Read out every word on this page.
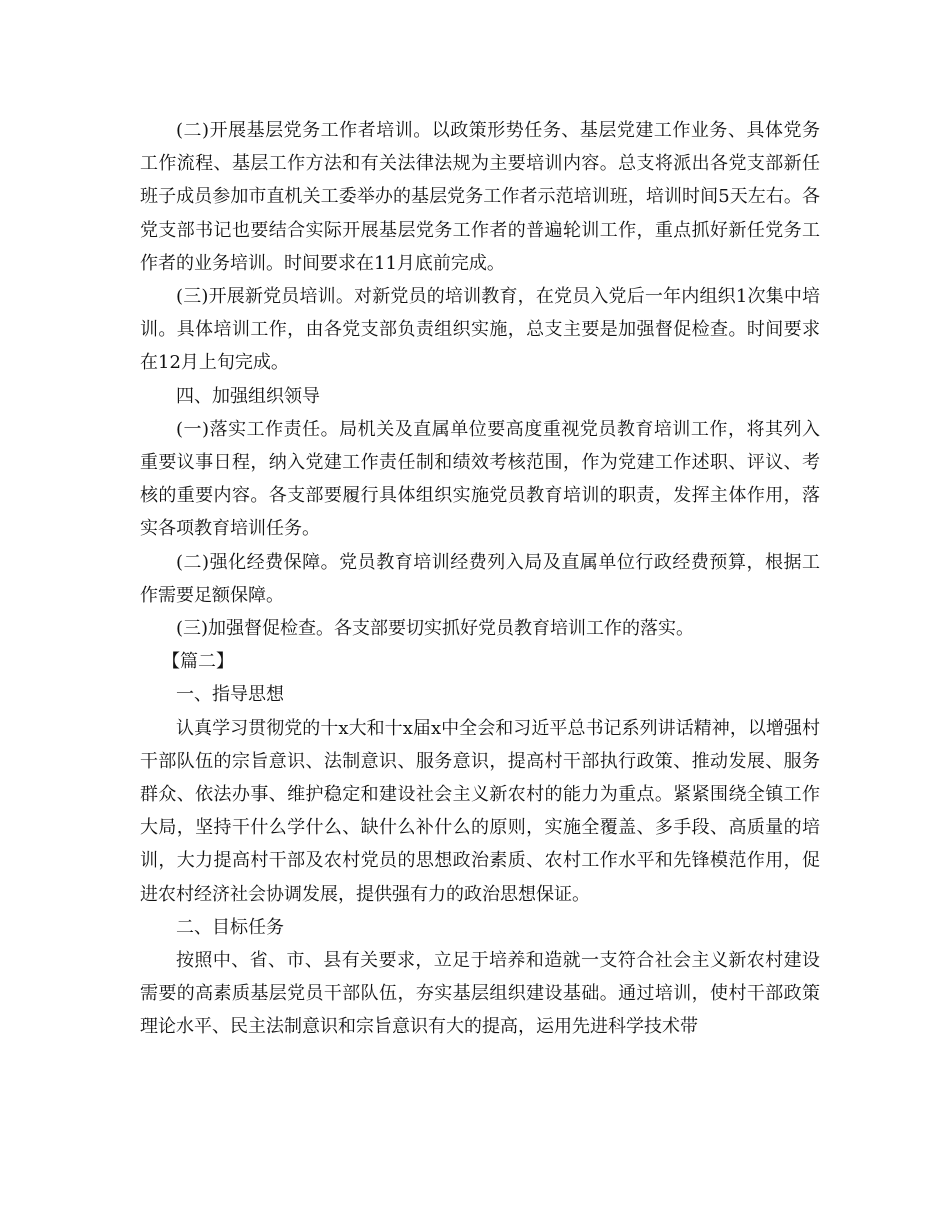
(二)开展基层党务工作者培训。以政策形势任务、基层党建工作业务、具体党务工作流程、基层工作方法和有关法律法规为主要培训内容。总支将派出各党支部新任班子成员参加市直机关工委举办的基层党务工作者示范培训班，培训时间5天左右。各党支部书记也要结合实际开展基层党务工作者的普遍轮训工作，重点抓好新任党务工作者的业务培训。时间要求在11月底前完成。

(三)开展新党员培训。对新党员的培训教育，在党员入党后一年内组织1次集中培训。具体培训工作，由各党支部负责组织实施，总支主要是加强督促检查。时间要求在12月上旬完成。

四、加强组织领导

(一)落实工作责任。局机关及直属单位要高度重视党员教育培训工作，将其列入重要议事日程，纳入党建工作责任制和绩效考核范围，作为党建工作述职、评议、考核的重要内容。各支部要履行具体组织实施党员教育培训的职责，发挥主体作用，落实各项教育培训任务。

(二)强化经费保障。党员教育培训经费列入局及直属单位行政经费预算，根据工作需要足额保障。

(三)加强督促检查。各支部要切实抓好党员教育培训工作的落实。

【篇二】

一、指导思想

认真学习贯彻党的十x大和十x届x中全会和习近平总书记系列讲话精神，以增强村干部队伍的宗旨意识、法制意识、服务意识，提高村干部执行政策、推动发展、服务群众、依法办事、维护稳定和建设社会主义新农村的能力为重点。紧紧围绕全镇工作大局，坚持干什么学什么、缺什么补什么的原则，实施全覆盖、多手段、高质量的培训，大力提高村干部及农村党员的思想政治素质、农村工作水平和先锋模范作用，促进农村经济社会协调发展，提供强有力的政治思想保证。

二、目标任务

按照中、省、市、县有关要求，立足于培养和造就一支符合社会主义新农村建设需要的高素质基层党员干部队伍，夯实基层组织建设基础。通过培训，使村干部政策理论水平、民主法制意识和宗旨意识有大的提高，运用先进科学技术带
